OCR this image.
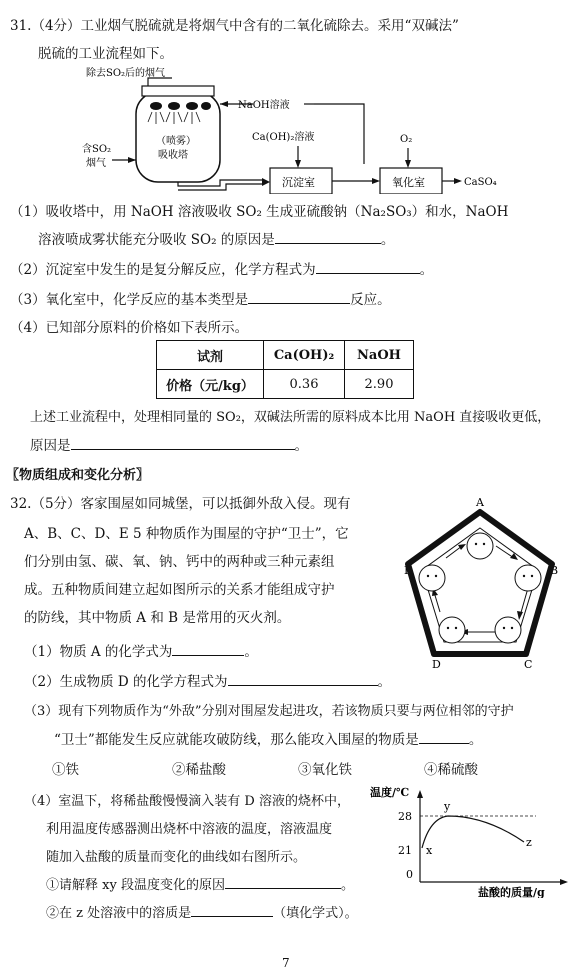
31.（4分）工业烟气脱硫就是将烟气中含有的二氧化硫除去。采用“双碱法”
脱硫的工业流程如下。
除去SO₂后的烟气
（喷雾）
吸收塔
NaOH溶液
含SO₂
烟气
Ca(OH)₂溶液
沉淀室
O₂
氧化室	CaSO₄
（1）吸收塔中，用 NaOH 溶液吸收 SO₂ 生成亚硫酸钠（Na₂SO₃）和水，NaOH
溶液喷成雾状能充分吸收 SO₂ 的原因是	。
（2）沉淀室中发生的是复分解反应，化学方程式为	。
（3）氧化室中，化学反应的基本类型是	反应。
（4）已知部分原料的价格如下表所示。
试剂	Ca(OH)₂	NaOH
价格（元/kg）	0.36	2.90
上述工业流程中，处理相同量的 SO₂，双碱法所需的原料成本比用 NaOH 直接吸收更低，
原因是	。
〖物质组成和变化分析〗
32.（5分）客家围屋如同城堡，可以抵御外敌入侵。现有
A、B、C、D、E 5 种物质作为围屋的守护“卫士”，它
们分别由氢、碳、氧、钠、钙中的两种或三种元素组
成。五种物质间建立起如图所示的关系才能组成守护
的防线，其中物质 A 和 B 是常用的灭火剂。
A
B
C
D
E
（1）物质 A 的化学式为	。
（2）生成物质 D 的化学方程式为	。
（3）现有下列物质作为“外敌”分别对围屋发起进攻，若该物质只要与两位相邻的守护
“卫士”都能发生反应就能攻破防线，那么能攻入围屋的物质是	。
①铁	②稀盐酸	③氧化铁	④稀硫酸
（4）室温下，将稀盐酸慢慢滴入装有 D 溶液的烧杯中，
利用温度传感器测出烧杯中溶液的温度，溶液温度
随加入盐酸的质量而变化的曲线如右图所示。
①请解释 xy 段温度变化的原因	。
②在 z 处溶液中的溶质是	（填化学式）。
温度/℃
28
21
0
x
y
z
盐酸的质量/g
7
